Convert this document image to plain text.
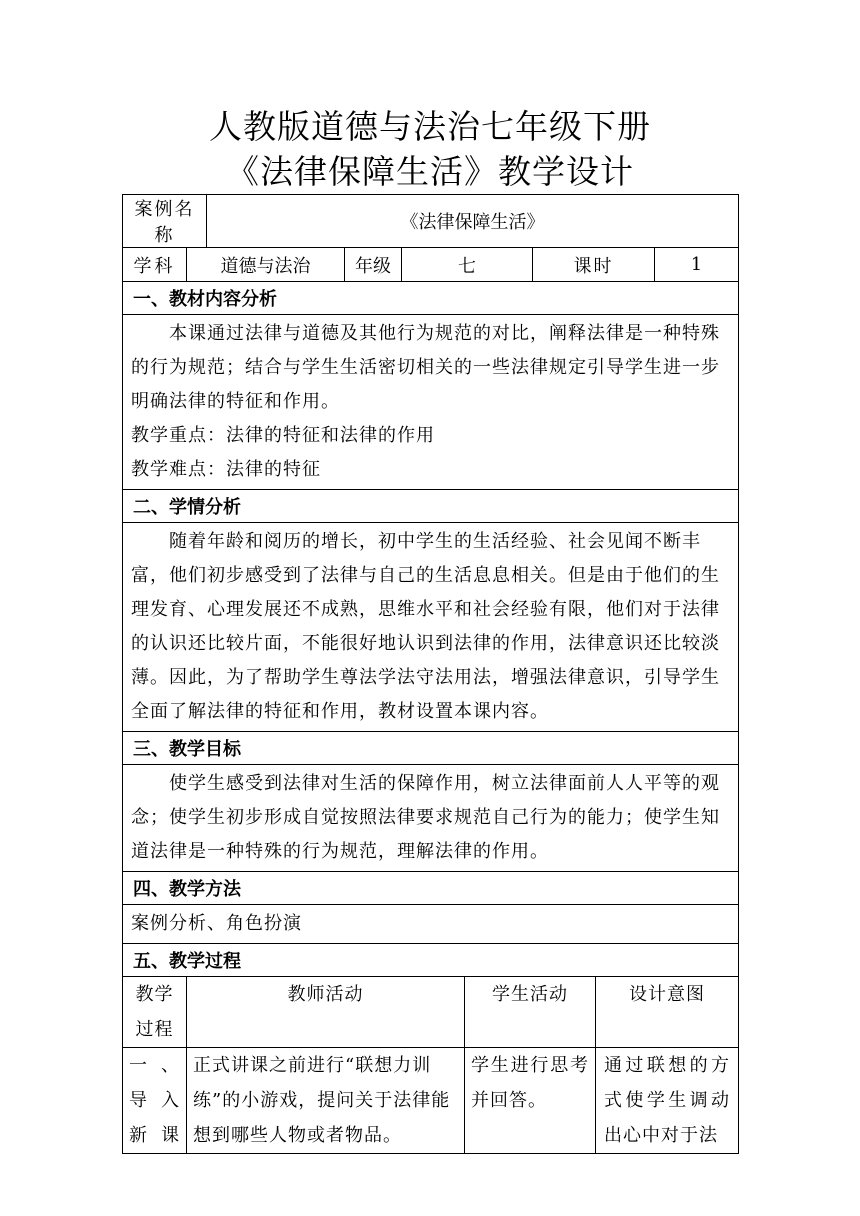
人教版道德与法治七年级下册
《法律保障生活》教学设计
案例名称		《法律保障生活》						
学科	道德与法治		年级	七		课时		1
一、教材内容分析								

本课通过法律与道德及其他行为规范的对比，阐释法律是一种特殊的行为规范；结合与学生生活密切相关的一些法律规定引导学生进一步明确法律的特征和作用。
教学重点：法律的特征和法律的作用
教学难点：法律的特征								

二、学情分析								
随着年龄和阅历的增长，初中学生的生活经验、社会见闻不断丰富，他们初步感受到了法律与自己的生活息息相关。但是由于他们的生理发育、心理发展还不成熟，思维水平和社会经验有限，他们对于法律的认识还比较片面，不能很好地认识到法律的作用，法律意识还比较淡薄。因此，为了帮助学生尊法学法守法用法，增强法律意识，引导学生全面了解法律的特征和作用，教材设置本课内容。								
三、教学目标								
使学生感受到法律对生活的保障作用，树立法律面前人人平等的观念；使学生初步形成自觉按照法律要求规范自己行为的能力；使学生知道法律是一种特殊的行为规范，理解法律的作用。								
四、教学方法								
案例分析、角色扮演								
五、教学过程								
教学过程	教师活动				学生活动		设计意图	
一、导入新课	正式讲课之前进行“联想力训练”的小游戏，提问关于法律能想到哪些人物或者物品。				学生进行思考并回答。		通过联想的方式使学生调动出心中对于法	
